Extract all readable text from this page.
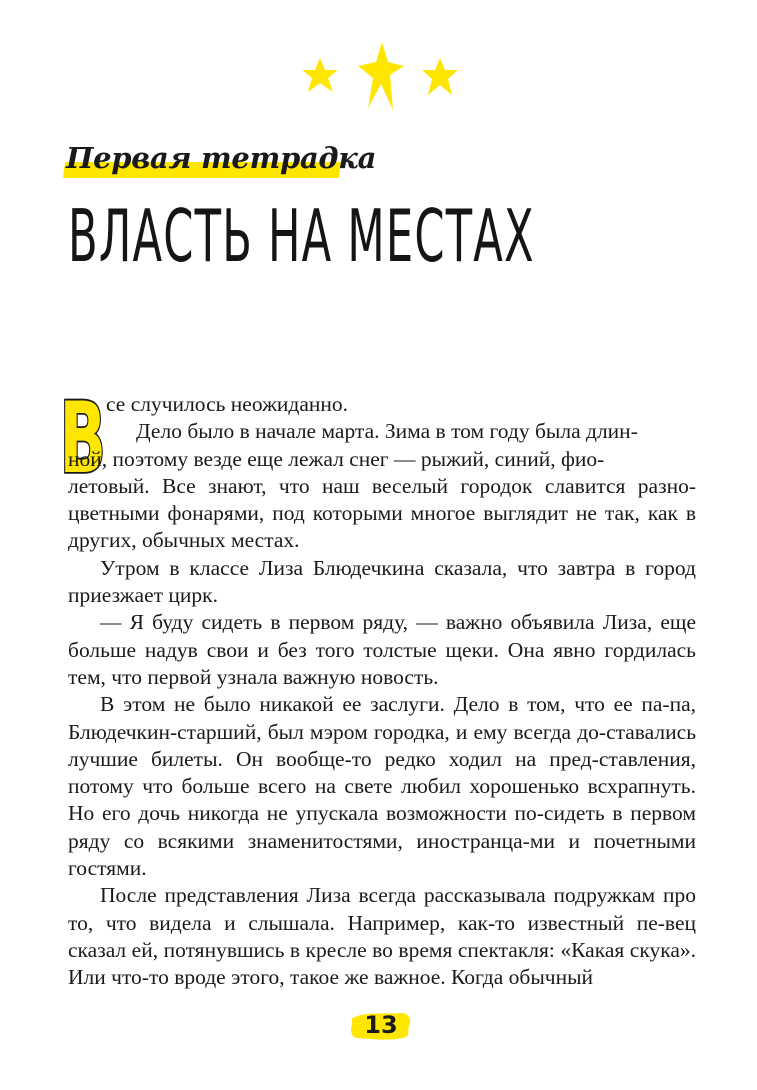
Первая тетрадка
ВЛАСТЬ НА МЕСТАХ
В се случилось неожиданно.

Дело было в начале марта. Зима в том году была длин-
ной, поэтому везде еще лежал снег — рыжий, синий, фио-
летовый. Все знают, что наш веселый городок славится разно-цветными фонарями, под которыми многое выглядит не так, как в других, обычных местах.

Утром в классе Лиза Блюдечкина сказала, что завтра в город приезжает цирк.

— Я буду сидеть в первом ряду, — важно объявила Лиза, еще больше надув свои и без того толстые щеки. Она явно гордилась тем, что первой узнала важную новость.

В этом не было никакой ее заслуги. Дело в том, что ее па-па, Блюдечкин-старший, был мэром городка, и ему всегда до-ставались лучшие билеты. Он вообще-то редко ходил на пред-ставления, потому что больше всего на свете любил хорошенько всхрапнуть. Но его дочь никогда не упускала возможности по-сидеть в первом ряду со всякими знаменитостями, иностранца-ми и почетными гостями.

После представления Лиза всегда рассказывала подружкам про то, что видела и слышала. Например, как-то известный пе-вец сказал ей, потянувшись в кресле во время спектакля: «Какая скука». Или что-то вроде этого, такое же важное. Когда обычный

13
